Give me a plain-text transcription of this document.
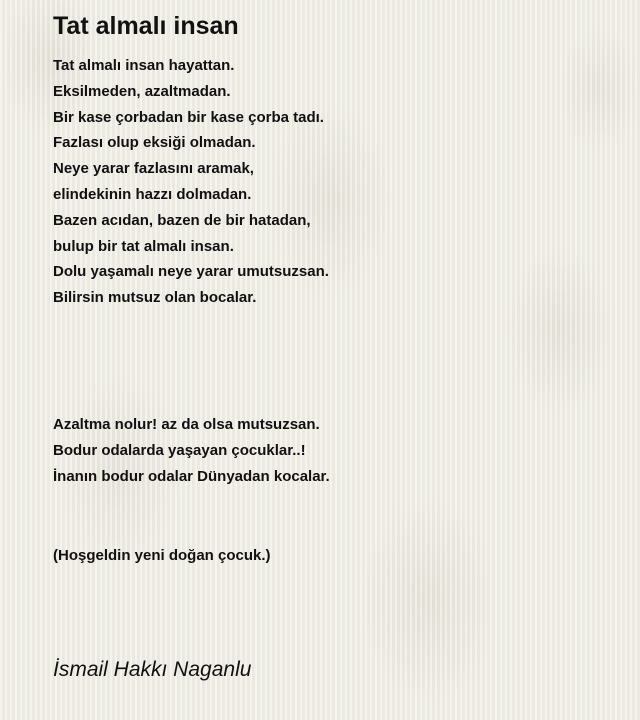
Tat almalı insan
Tat almalı insan hayattan.
Eksilmeden, azaltmadan.
Bir kase çorbadan bir kase çorba tadı.
Fazlası olup eksiği olmadan.
Neye yarar fazlasını aramak,
elindekinin hazzı dolmadan.
Bazen acıdan, bazen de bir hatadan,
bulup bir tat almalı insan.
Dolu yaşamalı neye yarar umutsuzsan.
Bilirsin mutsuz olan bocalar.
Azaltma nolur! az da olsa mutsuzsan.
Bodur odalarda yaşayan çocuklar..!
İnanın bodur odalar Dünyadan kocalar.
(Hoşgeldin yeni doğan çocuk.)

İsmail Hakkı Naganlu
